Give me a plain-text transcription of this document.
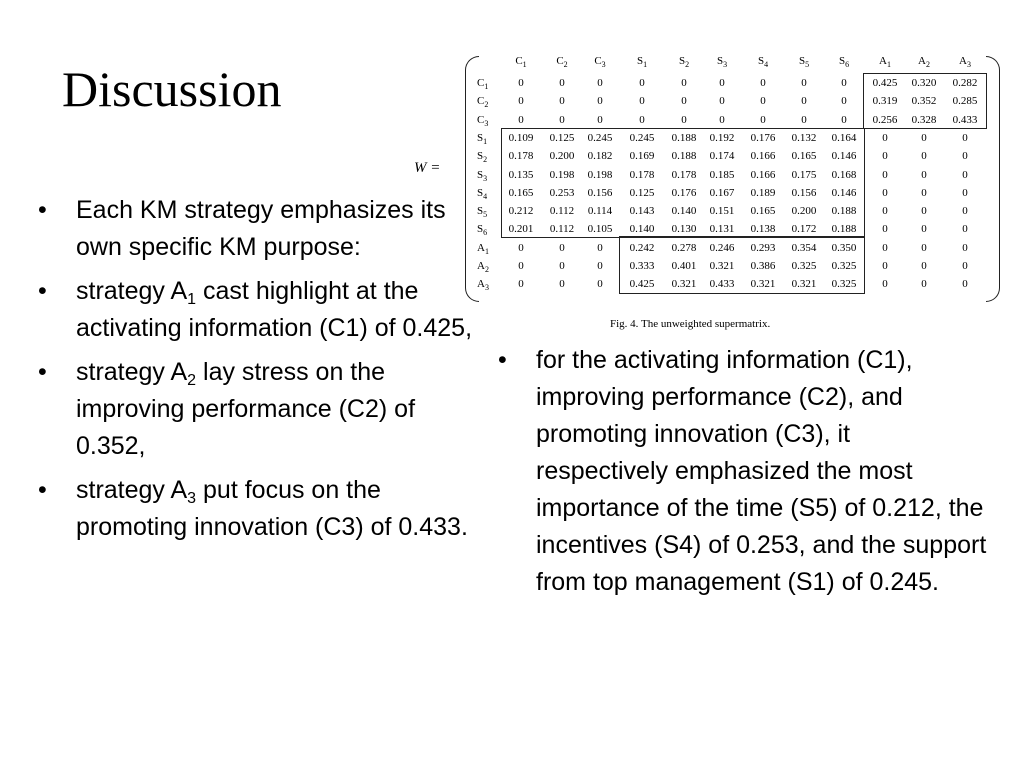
Discussion
• Each KM strategy emphasizes its own specific KM purpose:
• strategy $A_1$ cast highlight at the activating information (C1) of 0.425,
• strategy $A_2$ lay stress on the improving performance (C2) of 0.352,
• strategy $A_3$ put focus on the promoting innovation (C3) of 0.433.
W =
$C_1$	$C_2$	$C_3$	$S_1$	$S_2$	$S_3$	$S_4$	$S_5$	$S_6$	$A_1$	$A_2$	$A_3$
$C_1$	0	0	0	0	0	0	0	0	0	0.425	0.320	0.282
$C_2$	0	0	0	0	0	0	0	0	0	0.319	0.352	0.285
$C_3$	0	0	0	0	0	0	0	0	0	0.256	0.328	0.433
$S_1$	0.109	0.125	0.245	0.245	0.188	0.192	0.176	0.132	0.164	0	0	0
$S_2$	0.178	0.200	0.182	0.169	0.188	0.174	0.166	0.165	0.146	0	0	0
$S_3$	0.135	0.198	0.198	0.178	0.178	0.185	0.166	0.175	0.168	0	0	0
$S_4$	0.165	0.253	0.156	0.125	0.176	0.167	0.189	0.156	0.146	0	0	0
$S_5$	0.212	0.112	0.114	0.143	0.140	0.151	0.165	0.200	0.188	0	0	0
$S_6$	0.201	0.112	0.105	0.140	0.130	0.131	0.138	0.172	0.188	0	0	0
$A_1$	0	0	0	0.242	0.278	0.246	0.293	0.354	0.350	0	0	0
$A_2$	0	0	0	0.333	0.401	0.321	0.386	0.325	0.325	0	0	0
$A_3$	0	0	0	0.425	0.321	0.433	0.321	0.321	0.325	0	0	0
Fig. 4. The unweighted supermatrix.
• for the activating information (C1), improving performance (C2), and promoting innovation (C3), it respectively emphasized the most importance of the time (S5) of 0.212, the incentives (S4) of 0.253, and the support from top management (S1) of 0.245.
